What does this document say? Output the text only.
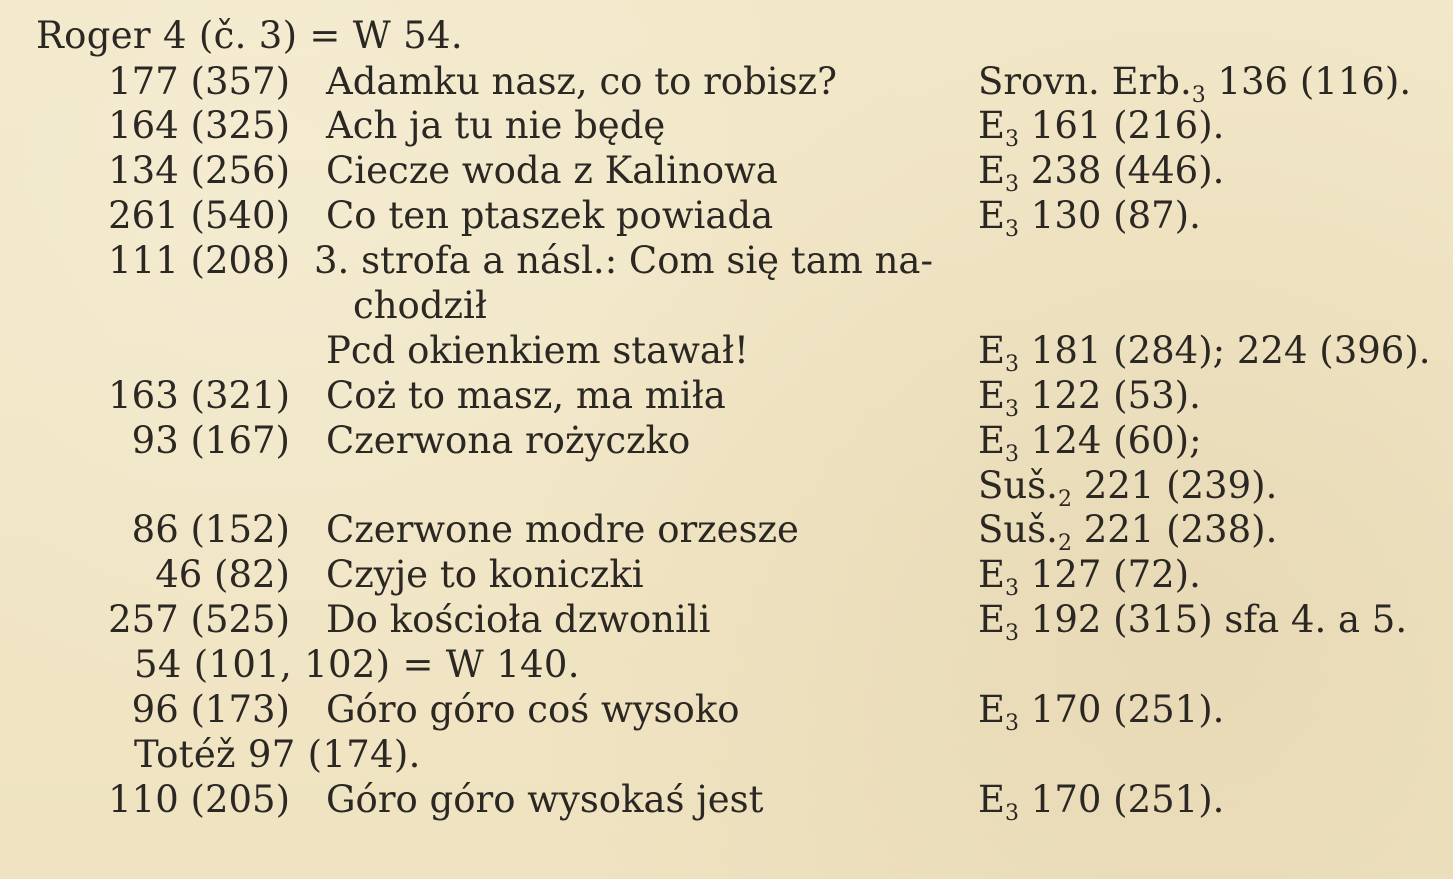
Roger 4 (č. 3) = W 54.
177 (357) Adamku nasz, co to robisz?	Srovn. $Erb._3$ 136 (116).
164 (325) Ach ja tu nie będę	$E_3$ 161 (216).
134 (256) Ciecze woda z Kalinowa	$E_3$ 238 (446).
261 (540) Co ten ptaszek powiada	$E_3$ 130 (87).
111 (208) 3. strofa a násl.: Com się tam na-
chodził
Pcd okienkiem stawał!	$E_3$ 181 (284); 224 (396).
163 (321) Coż to masz, ma miła	$E_3$ 122 (53).
93 (167) Czerwona rożyczko	$E_3$ 124 (60);
$Suš._2$ 221 (239).
86 (152) Czerwone modre orzesze	$Suš._2$ 221 (238).
46 (82) Czyje to koniczki	$E_3$ 127 (72).
257 (525) Do kościoła dzwonili	$E_3$ 192 (315) sfa 4. a 5.
54 (101, 102) = W 140.
96 (173) Góro góro coś wysoko	$E_3$ 170 (251).
Totéž 97 (174).
110 (205) Góro góro wysokaś jest	$E_3$ 170 (251).
